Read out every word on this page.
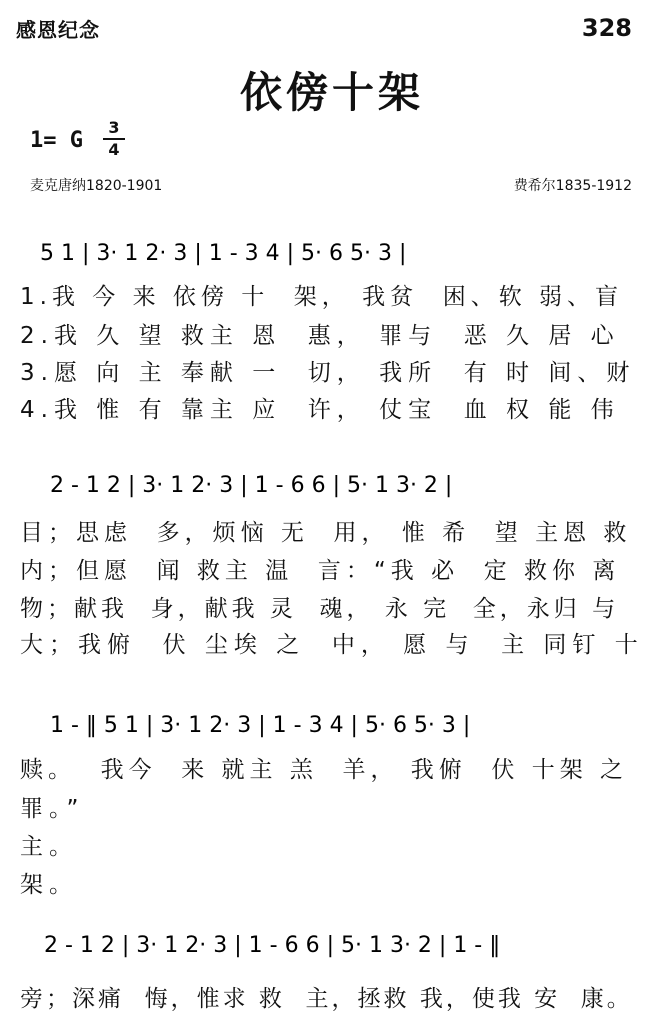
感恩纪念	328
依傍十架
1= G
3
4
麦克唐纳1820-1901	费希尔1835-1912
5 1 | 3· 1 2· 3 | 1 - 3 4 | 5· 6 5· 3 |
1.我 今 来 依傍 十  架， 我贫  困、软 弱、盲
2.我 久 望 救主 恩  惠， 罪与  恶 久 居 心
3.愿 向 主 奉献 一  切， 我所  有 时 间、财
4.我 惟 有 靠主 应  许， 仗宝  血 权 能 伟
2 - 1 2 | 3· 1 2· 3 | 1 - 6 6 | 5· 1 3· 2 |
目；思虑  多，烦恼 无  用， 惟 希  望 主恩 救
内；但愿  闻 救主 温  言：“我 必  定 救你 离
物；献我  身，献我 灵  魂， 永 完  全，永归 与
大；我俯  伏 尘埃 之  中， 愿 与  主 同钉 十
1 - ‖ 5 1 | 3· 1 2· 3 | 1 - 3 4 | 5· 6 5· 3 |
赎。  我今  来 就主 羔  羊， 我俯  伏 十架 之
罪。”
主。
架。
2 - 1 2 | 3· 1 2· 3 | 1 - 6 6 | 5· 1 3· 2 | 1 - ‖
旁；深痛  悔，惟求 救  主，拯救 我，使我 安  康。
